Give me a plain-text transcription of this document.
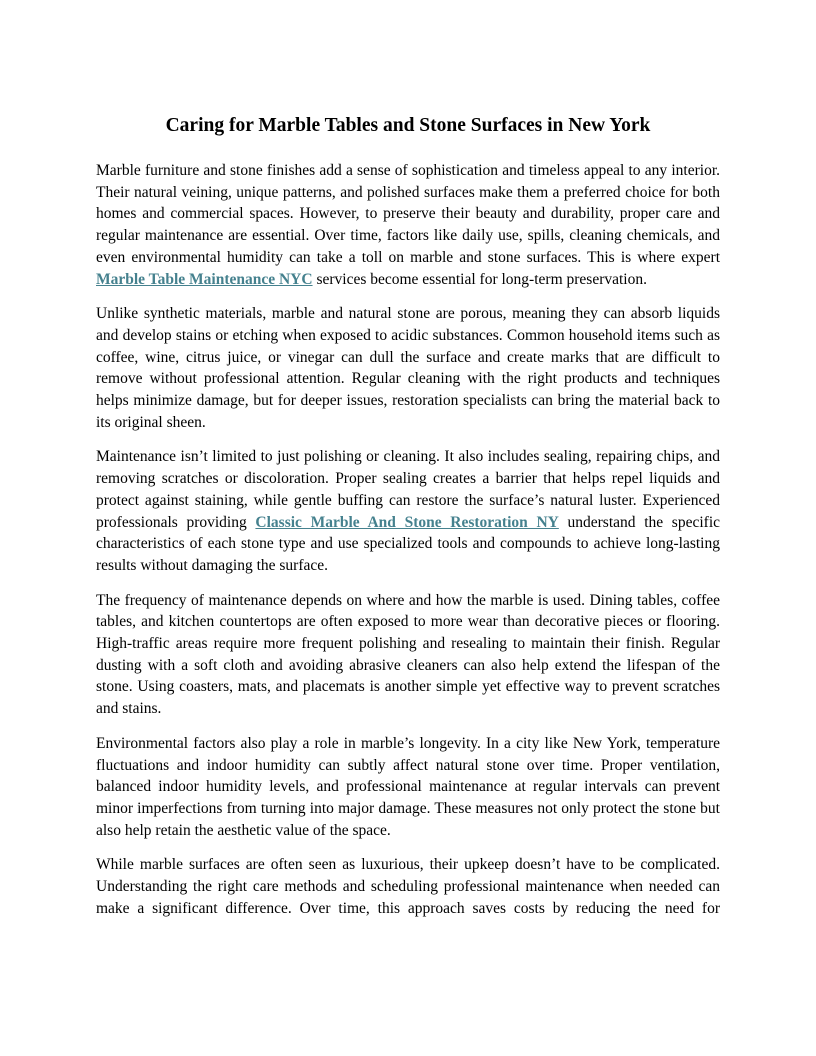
Caring for Marble Tables and Stone Surfaces in New York

Marble furniture and stone finishes add a sense of sophistication and timeless appeal to any interior. Their natural veining, unique patterns, and polished surfaces make them a preferred choice for both homes and commercial spaces. However, to preserve their beauty and durability, proper care and regular maintenance are essential. Over time, factors like daily use, spills, cleaning chemicals, and even environmental humidity can take a toll on marble and stone surfaces. This is where expert Marble Table Maintenance NYC services become essential for long-term preservation.

Unlike synthetic materials, marble and natural stone are porous, meaning they can absorb liquids and develop stains or etching when exposed to acidic substances. Common household items such as coffee, wine, citrus juice, or vinegar can dull the surface and create marks that are difficult to remove without professional attention. Regular cleaning with the right products and techniques helps minimize damage, but for deeper issues, restoration specialists can bring the material back to its original sheen.

Maintenance isn’t limited to just polishing or cleaning. It also includes sealing, repairing chips, and removing scratches or discoloration. Proper sealing creates a barrier that helps repel liquids and protect against staining, while gentle buffing can restore the surface’s natural luster. Experienced professionals providing Classic Marble And Stone Restoration NY understand the specific characteristics of each stone type and use specialized tools and compounds to achieve long-lasting results without damaging the surface.

The frequency of maintenance depends on where and how the marble is used. Dining tables, coffee tables, and kitchen countertops are often exposed to more wear than decorative pieces or flooring. High-traffic areas require more frequent polishing and resealing to maintain their finish. Regular dusting with a soft cloth and avoiding abrasive cleaners can also help extend the lifespan of the stone. Using coasters, mats, and placemats is another simple yet effective way to prevent scratches and stains.

Environmental factors also play a role in marble’s longevity. In a city like New York, temperature fluctuations and indoor humidity can subtly affect natural stone over time. Proper ventilation, balanced indoor humidity levels, and professional maintenance at regular intervals can prevent minor imperfections from turning into major damage. These measures not only protect the stone but also help retain the aesthetic value of the space.

While marble surfaces are often seen as luxurious, their upkeep doesn’t have to be complicated. Understanding the right care methods and scheduling professional maintenance when needed can make a significant difference. Over time, this approach saves costs by reducing the need for
